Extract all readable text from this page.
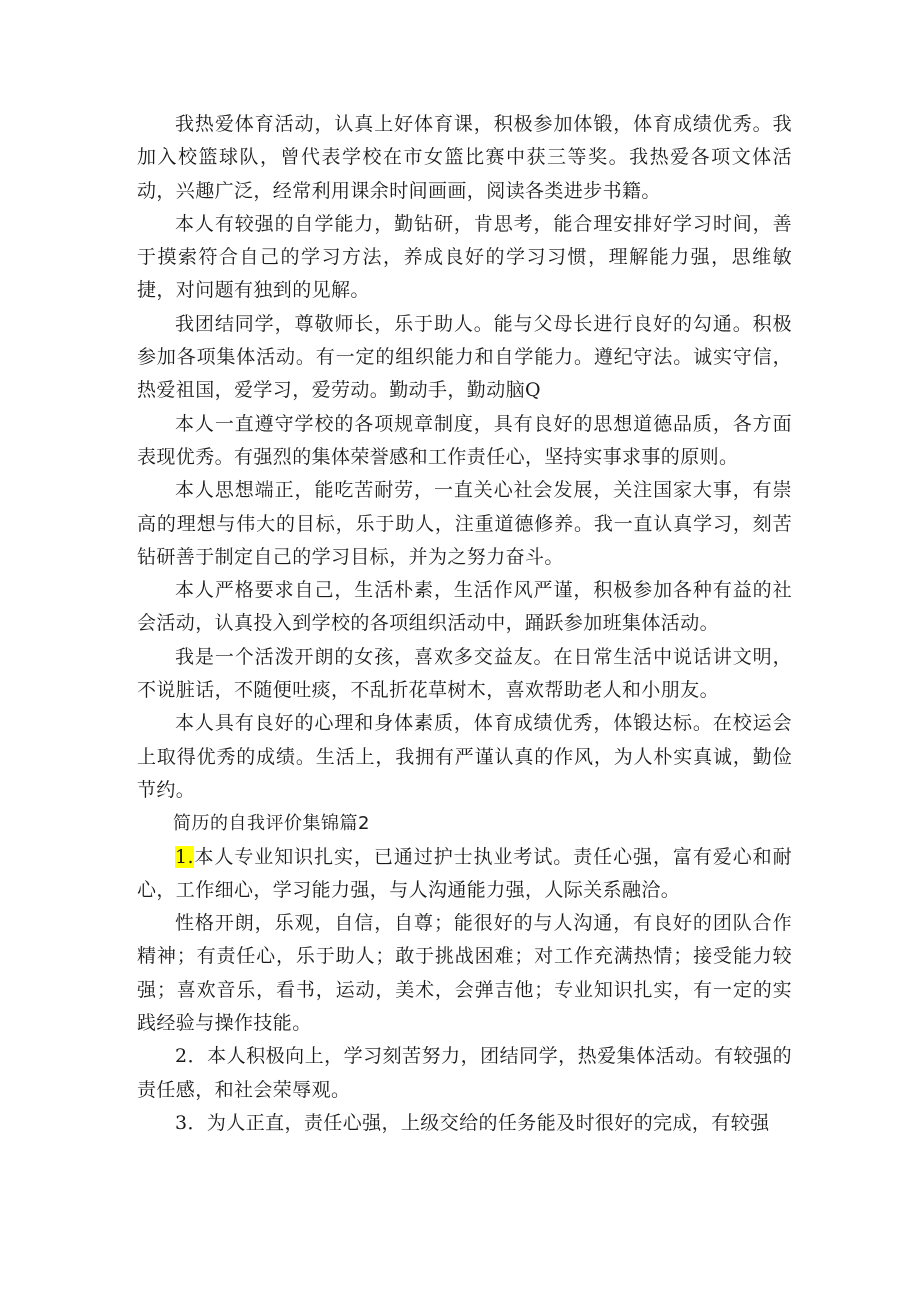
我热爱体育活动，认真上好体育课，积极参加体锻，体育成绩优秀。我加入校篮球队，曾代表学校在市女篮比赛中获三等奖。我热爱各项文体活动，兴趣广泛，经常利用课余时间画画，阅读各类进步书籍。

本人有较强的自学能力，勤钻研，肯思考，能合理安排好学习时间，善于摸索符合自己的学习方法，养成良好的学习习惯，理解能力强，思维敏捷，对问题有独到的见解。

我团结同学，尊敬师长，乐于助人。能与父母长进行良好的勾通。积极参加各项集体活动。有一定的组织能力和自学能力。遵纪守法。诚实守信，热爱祖国，爱学习，爱劳动。勤动手，勤动脑Q

本人一直遵守学校的各项规章制度，具有良好的思想道德品质，各方面表现优秀。有强烈的集体荣誉感和工作责任心，坚持实事求事的原则。

本人思想端正，能吃苦耐劳，一直关心社会发展，关注国家大事，有崇高的理想与伟大的目标，乐于助人，注重道德修养。我一直认真学习，刻苦钻研善于制定自己的学习目标，并为之努力奋斗。

本人严格要求自己，生活朴素，生活作风严谨，积极参加各种有益的社会活动，认真投入到学校的各项组织活动中，踊跃参加班集体活动。

我是一个活泼开朗的女孩，喜欢多交益友。在日常生活中说话讲文明，不说脏话，不随便吐痰，不乱折花草树木，喜欢帮助老人和小朋友。

本人具有良好的心理和身体素质，体育成绩优秀，体锻达标。在校运会上取得优秀的成绩。生活上，我拥有严谨认真的作风，为人朴实真诚，勤俭节约。

简历的自我评价集锦篇2

1.本人专业知识扎实，已通过护士执业考试。责任心强，富有爱心和耐心，工作细心，学习能力强，与人沟通能力强，人际关系融洽。

性格开朗，乐观，自信，自尊；能很好的与人沟通，有良好的团队合作精神；有责任心，乐于助人；敢于挑战困难；对工作充满热情；接受能力较强；喜欢音乐，看书，运动，美术，会弹吉他；专业知识扎实，有一定的实践经验与操作技能。

2．本人积极向上，学习刻苦努力，团结同学，热爱集体活动。有较强的责任感，和社会荣辱观。

3．为人正直，责任心强，上级交给的任务能及时很好的完成，有较强
